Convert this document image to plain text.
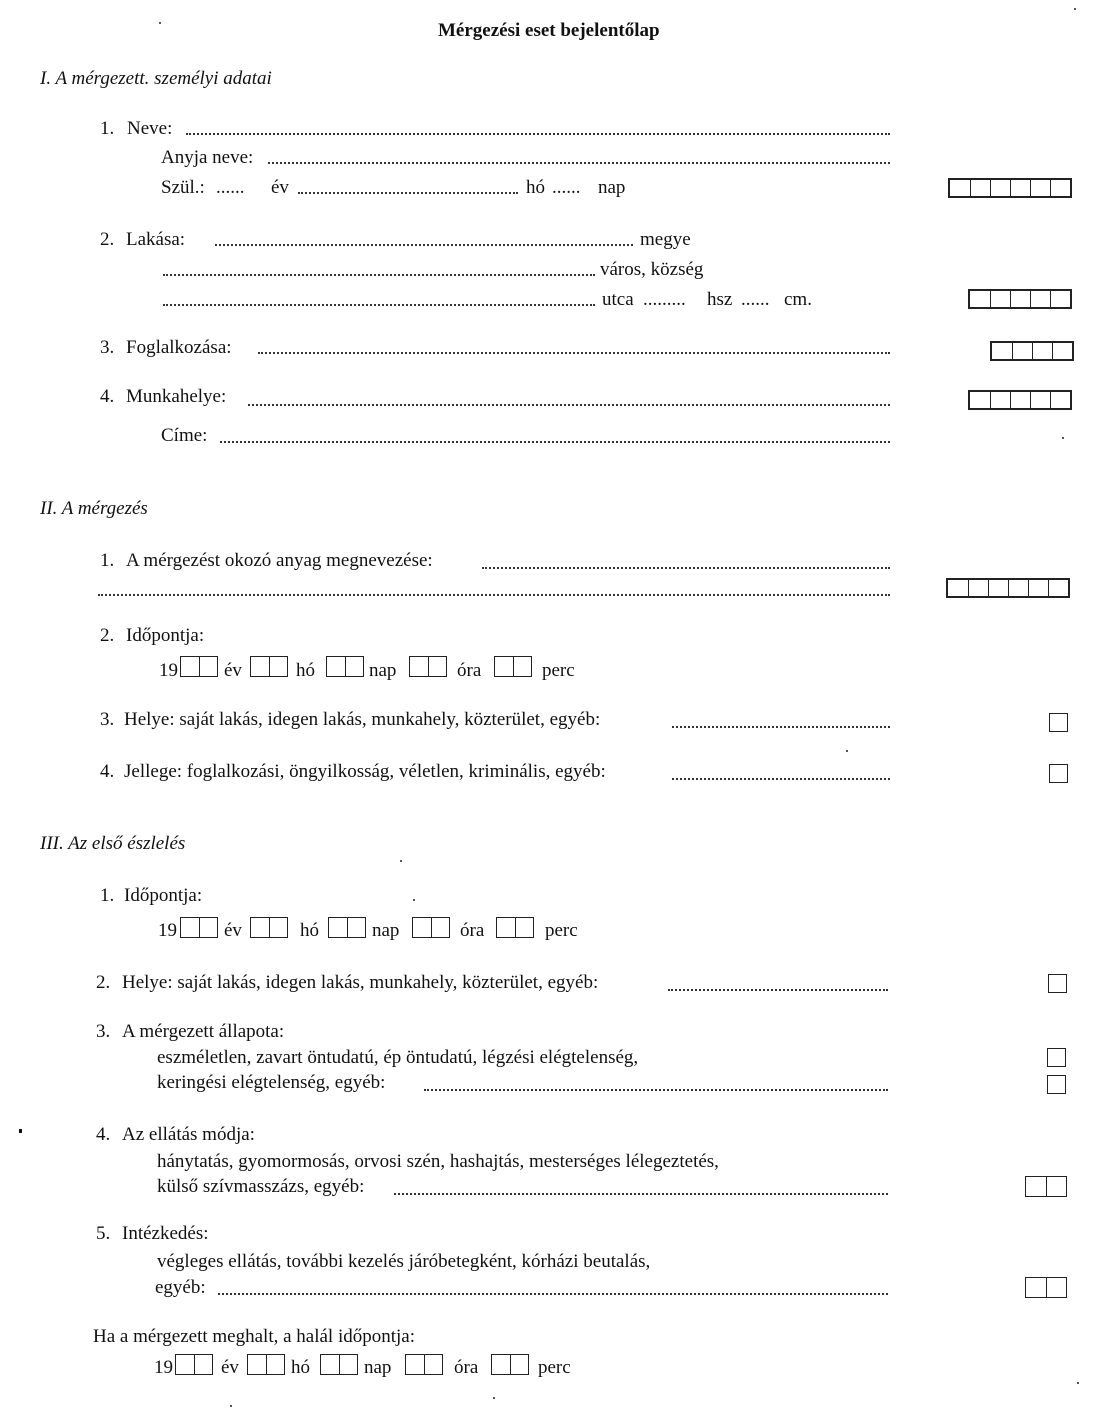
Mérgezési eset bejelentőlap
I. A mérgezett. személyi adatai
1. Neve:
Anyja neve:
Szül.: ...... év	hó ...... nap
2. Lakása:	megye
város, község
utca ......... hsz ...... cm.
3. Foglalkozása:
4. Munkahelye:
Címe:
II. A mérgezés
1. A mérgezést okozó anyag megnevezése:
2. Időpontja:
19 év	hó	nap	óra	perc
3. Helye: saját lakás, idegen lakás, munkahely, közterület, egyéb:
4. Jellege: foglalkozási, öngyilkosság, véletlen, kriminális, egyéb:
III. Az első észlelés
1. Időpontja:
19 év	hó	nap	óra	perc
2. Helye: saját lakás, idegen lakás, munkahely, közterület, egyéb:
3. A mérgezett állapota:
eszméletlen, zavart öntudatú, ép öntudatú, légzési elégtelenség,
keringési elégtelenség, egyéb:
4. Az ellátás módja:
hánytatás, gyomormosás, orvosi szén, hashajtás, mesterséges lélegeztetés,
külső szívmasszázs, egyéb:
5. Intézkedés:
végleges ellátás, további kezelés járóbetegként, kórházi beutalás,
egyéb:
Ha a mérgezett meghalt, a halál időpontja:
19	év	hó	nap	óra	perc
